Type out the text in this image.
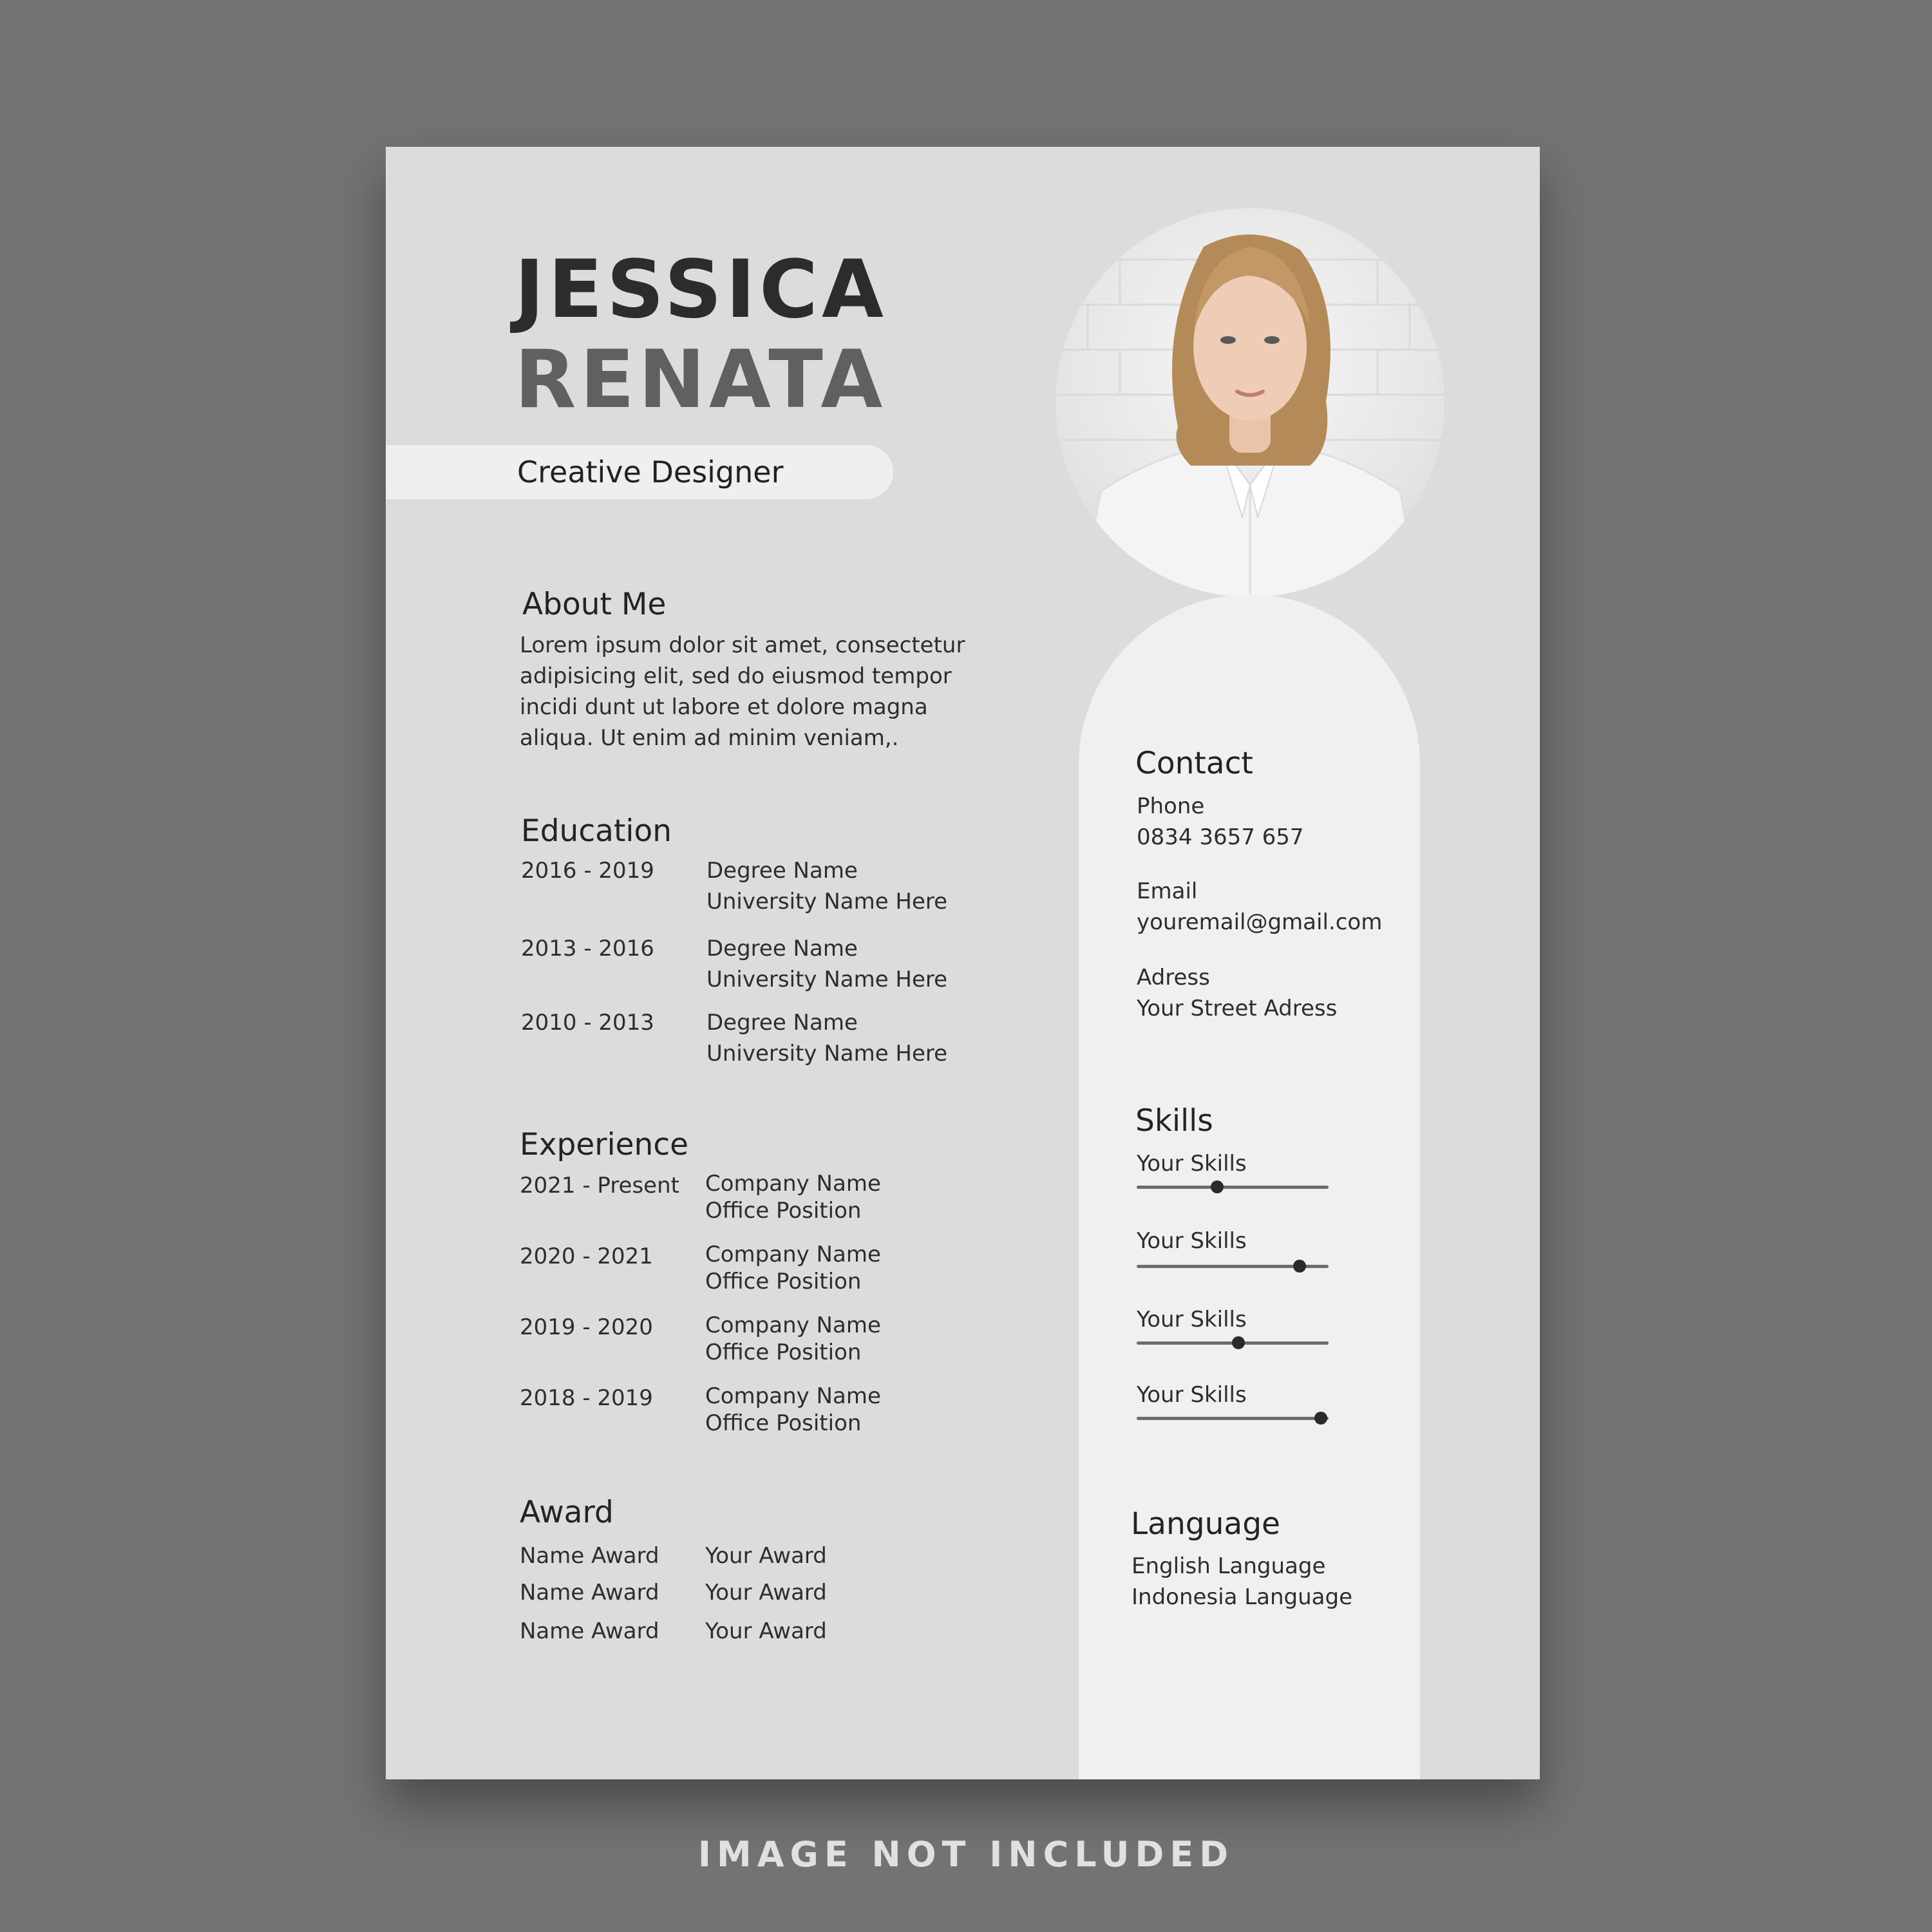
JESSICA
RENATA
Creative Designer
About Me
Lorem ipsum dolor sit amet, consectetur adipisicing elit, sed do eiusmod tempor incidi dunt ut labore et dolore magna aliqua. Ut enim ad minim veniam,.
Education
2016 - 2019 Degree Name
University Name Here
2013 - 2016 Degree Name
University Name Here
2010 - 2013 Degree Name
University Name Here
Experience
2021 - Present Company Name
Office Position
2020 - 2021 Company Name
Office Position
2019 - 2020 Company Name
Office Position
2018 - 2019 Company Name
Office Position
Award
Name Award Your Award
Name Award Your Award
Name Award Your Award
Contact
Phone
0834 3657 657
Email
youremail@gmail.com
Adress
Your Street Adress
Skills
Your Skills
Your Skills
Your Skills
Your Skills
Language
English Language
Indonesia Language
IMAGE NOT INCLUDED
